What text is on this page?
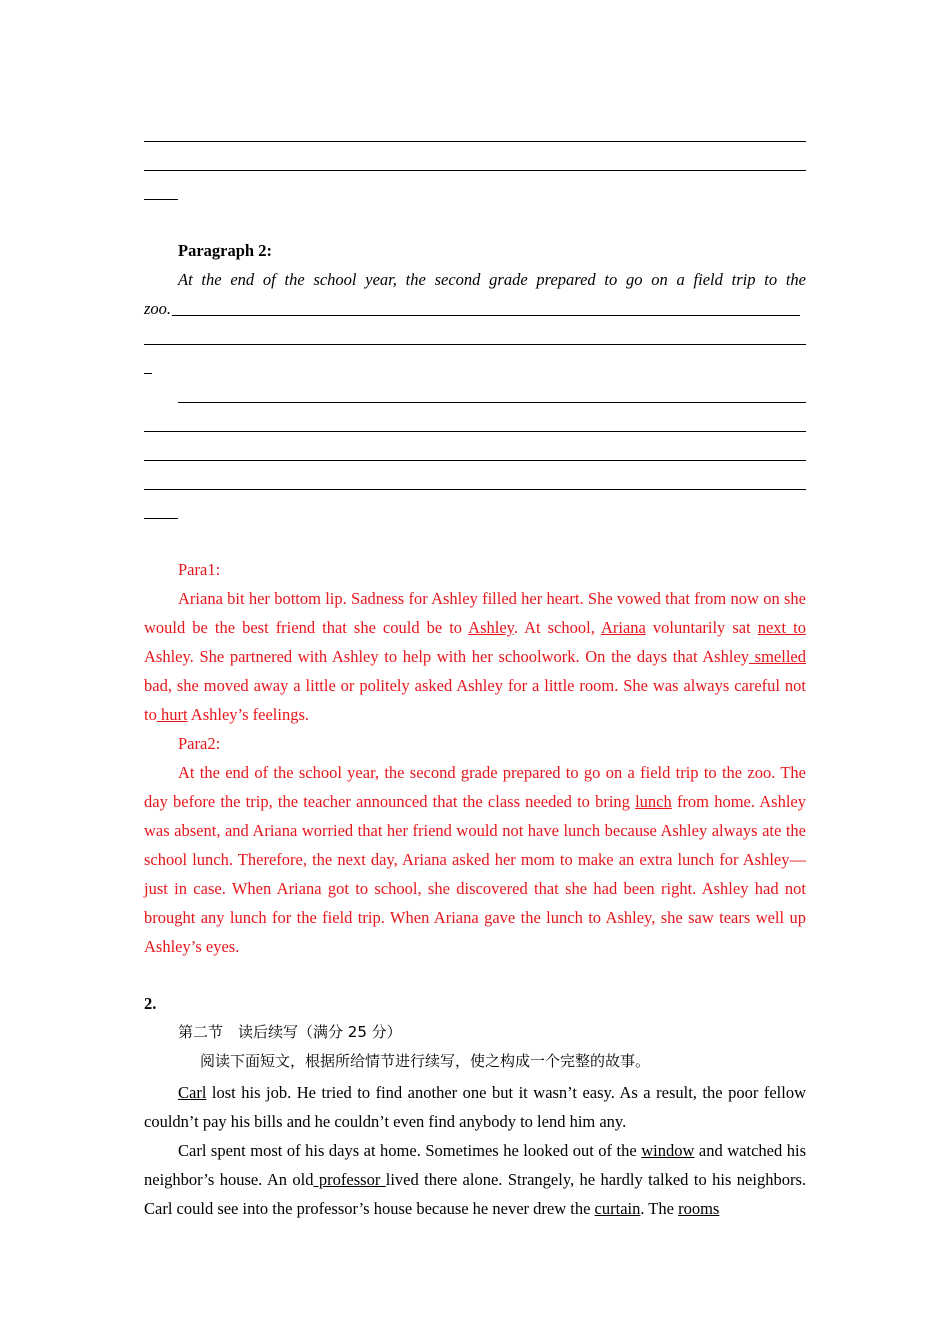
Paragraph 2:

At the end of the school year, the second grade prepared to go on a field trip to the

zoo.

Para1:

Ariana bit her bottom lip. Sadness for Ashley filled her heart. She vowed that from now on she would be the best friend that she could be to Ashley. At school, Ariana voluntarily sat next to Ashley. She partnered with Ashley to help with her schoolwork. On the days that Ashley smelled bad, she moved away a little or politely asked Ashley for a little room. She was always careful not to hurt Ashley’s feelings.

Para2:

At the end of the school year, the second grade prepared to go on a field trip to the zoo. The day before the trip, the teacher announced that the class needed to bring lunch from home. Ashley was absent, and Ariana worried that her friend would not have lunch because Ashley always ate the school lunch. Therefore, the next day, Ariana asked her mom to make an extra lunch for Ashley—just in case. When Ariana got to school, she discovered that she had been right. Ashley had not brought any lunch for the field trip. When Ariana gave the lunch to Ashley, she saw tears well up Ashley’s eyes.

2.

第二节　读后续写（满分 25 分）

阅读下面短文，根据所给情节进行续写，使之构成一个完整的故事。

Carl lost his job. He tried to find another one but it wasn’t easy. As a result, the poor fellow couldn’t pay his bills and he couldn’t even find anybody to lend him any.

Carl spent most of his days at home. Sometimes he looked out of the window and watched his neighbor’s house. An old professor lived there alone. Strangely, he hardly talked to his neighbors. Carl could see into the professor’s house because he never drew the curtain. The rooms
